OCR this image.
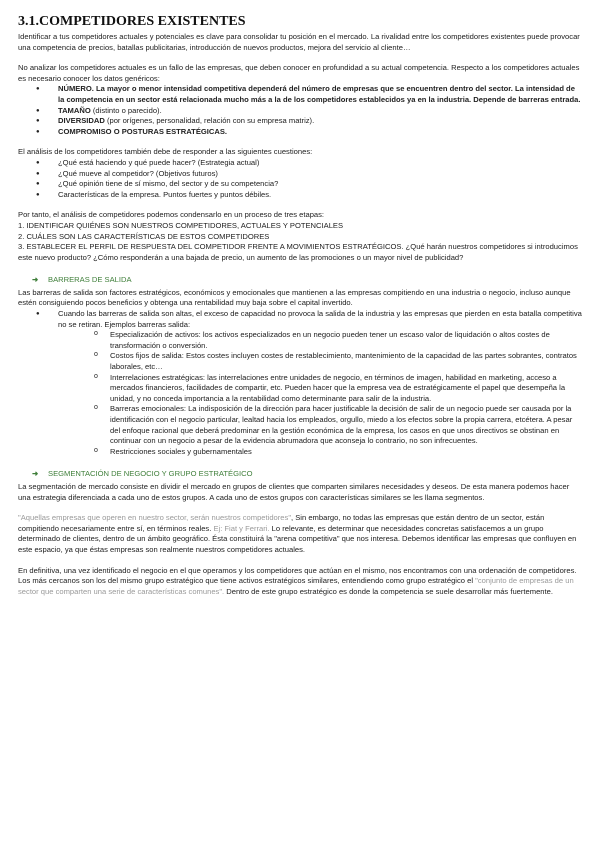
3.1.COMPETIDORES EXISTENTES

Identificar a tus competidores actuales y potenciales es clave para consolidar tu posición en el mercado. La rivalidad entre los competidores existentes puede provocar una competencia de precios, batallas publicitarias, introducción de nuevos productos, mejora del servicio al cliente…

No analizar los competidores actuales es un fallo de las empresas, que deben conocer en profundidad a su actual competencia. Respecto a los competidores actuales es necesario conocer los datos genéricos:

● NÚMERO. La mayor o menor intensidad competitiva dependerá del número de empresas que se encuentren dentro del sector. La intensidad de la competencia en un sector está relacionada mucho más a la de los competidores establecidos ya en la industria. Depende de barreras entrada.
● TAMAÑO (distinto o parecido).
● DIVERSIDAD (por orígenes, personalidad, relación con su empresa matriz).
● COMPROMISO O POSTURAS ESTRATÉGICAS.

El análisis de los competidores también debe de responder a las siguientes cuestiones:

● ¿Qué está haciendo y qué puede hacer? (Estrategia actual)
● ¿Qué mueve al competidor? (Objetivos futuros)
● ¿Qué opinión tiene de sí mismo, del sector y de su competencia?
● Características de la empresa. Puntos fuertes y puntos débiles.

Por tanto, el análisis de competidores podemos condensarlo en un proceso de tres etapas:

1. IDENTIFICAR QUIÉNES SON NUESTROS COMPETIDORES, ACTUALES Y POTENCIALES

2. CUÁLES SON LAS CARACTERÍSTICAS DE ESTOS COMPETIDORES

3. ESTABLECER EL PERFIL DE RESPUESTA DEL COMPETIDOR FRENTE A MOVIMIENTOS ESTRATÉGICOS. ¿Qué harán nuestros competidores si introducimos este nuevo producto? ¿Cómo responderán a una bajada de precio, un aumento de las promociones o un mayor nivel de publicidad?

➜ BARRERAS DE SALIDA

Las barreras de salida son factores estratégicos, económicos y emocionales que mantienen a las empresas compitiendo en una industria o negocio, incluso aunque estén consiguiendo pocos beneficios y obtenga una rentabilidad muy baja sobre el capital invertido.

● Cuando las barreras de salida son altas, el exceso de capacidad no provoca la salida de la industria y las empresas que pierden en esta batalla competitiva no se retiran. Ejemplos barreras salida:
o Especialización de activos: los activos especializados en un negocio pueden tener un escaso valor de liquidación o altos costes de transformación o conversión.
o Costos fijos de salida: Estos costes incluyen costes de restablecimiento, mantenimiento de la capacidad de las partes sobrantes, contratos laborales, etc…
o Interrelaciones estratégicas: las interrelaciones entre unidades de negocio, en términos de imagen, habilidad en marketing, acceso a mercados financieros, facilidades de compartir, etc. Pueden hacer que la empresa vea de estratégicamente el papel que desempeña la unidad, y no conceda importancia a la rentabilidad como determinante para salir de la industria.
o Barreras emocionales: La indisposición de la dirección para hacer justificable la decisión de salir de un negocio puede ser causada por la identificación con el negocio particular, lealtad hacia los empleados, orgullo, miedo a los efectos sobre la propia carrera, etcétera. A pesar del enfoque racional que deberá predominar en la gestión económica de la empresa, los casos en que unos directivos se obstinan en continuar con un negocio a pesar de la evidencia abrumadora que aconseja lo contrario, no son infrecuentes.
o Restricciones sociales y gubernamentales
➜ SEGMENTACIÓN DE NEGOCIO Y GRUPO ESTRATÉGICO

La segmentación de mercado consiste en dividir el mercado en grupos de clientes que comparten similares necesidades y deseos. De esta manera podemos hacer una estrategia diferenciada a cada uno de estos grupos. A cada uno de estos grupos con características similares se les llama segmentos.

"Aquellas empresas que operen en nuestro sector, serán nuestros competidores", Sin embargo, no todas las empresas que están dentro de un sector, están compitiendo necesariamente entre sí, en términos reales. Ej: Fiat y Ferrari. Lo relevante, es determinar que necesidades concretas satisfacemos a un grupo determinado de clientes, dentro de un ámbito geográfico. Ésta constituirá la "arena competitiva" que nos interesa. Debemos identificar las empresas que confluyen en este espacio, ya que éstas empresas son realmente nuestros competidores actuales.

En definitiva, una vez identificado el negocio en el que operamos y los competidores que actúan en el mismo, nos encontramos con una ordenación de competidores. Los más cercanos son los del mismo grupo estratégico que tiene activos estratégicos similares, entendiendo como grupo estratégico el "conjunto de empresas de un sector que comparten una serie de características comunes". Dentro de este grupo estratégico es donde la competencia se suele desarrollar más fuertemente.
